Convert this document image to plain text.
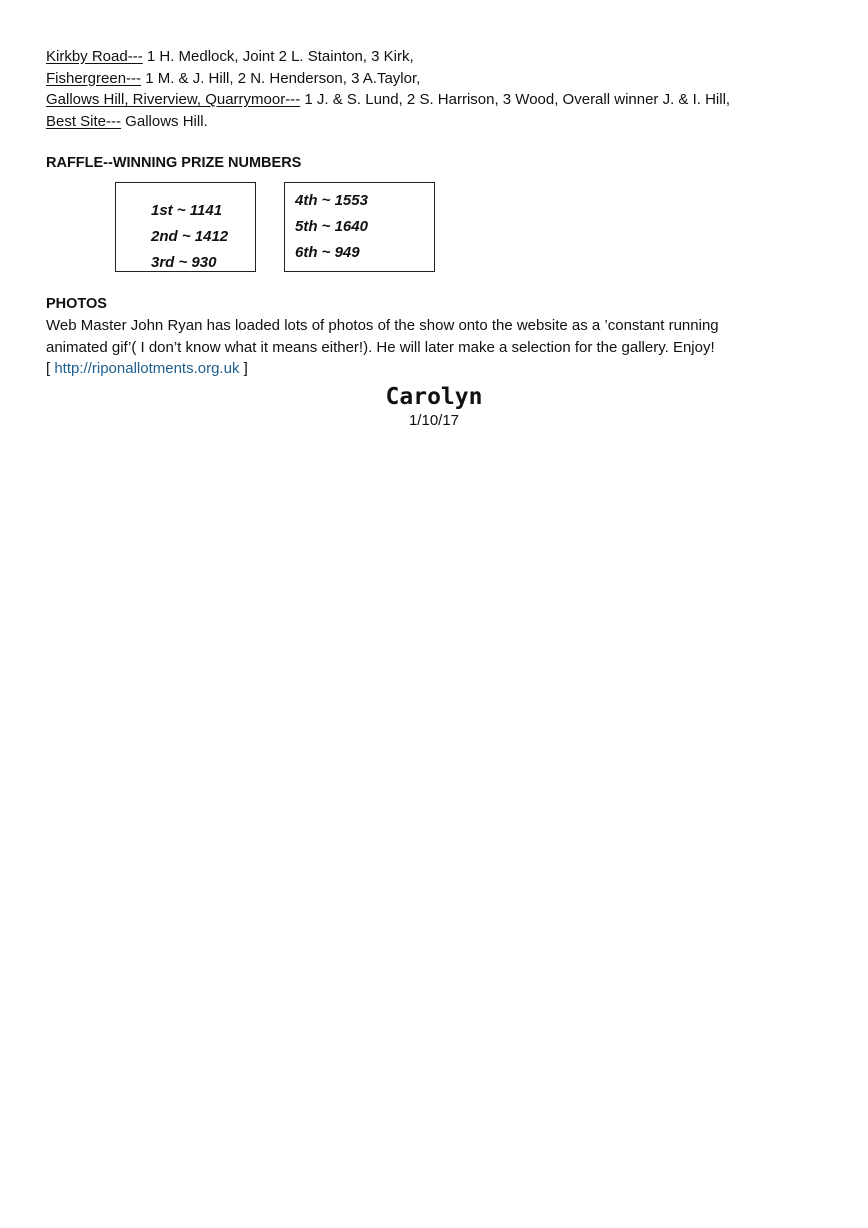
Kirkby Road--- 1 H. Medlock, Joint 2 L. Stainton, 3 Kirk,
Fishergreen--- 1 M. & J. Hill, 2 N. Henderson, 3 A.Taylor,
Gallows Hill, Riverview, Quarrymoor--- 1 J. & S. Lund, 2 S. Harrison, 3 Wood, Overall winner J. & I. Hill,
Best Site--- Gallows Hill.
RAFFLE--WINNING PRIZE NUMBERS
1st ~ 1141
2nd ~ 1412
3rd ~ 930
4th ~ 1553
5th ~ 1640
6th ~ 949
PHOTOS
Web Master John Ryan has loaded lots of photos of the show onto the website as a ’constant running
animated gif’( I don’t know what it means either!). He will later make a selection for the gallery. Enjoy!
[ http://riponallotments.org.uk ]
Carolyn
1/10/17
